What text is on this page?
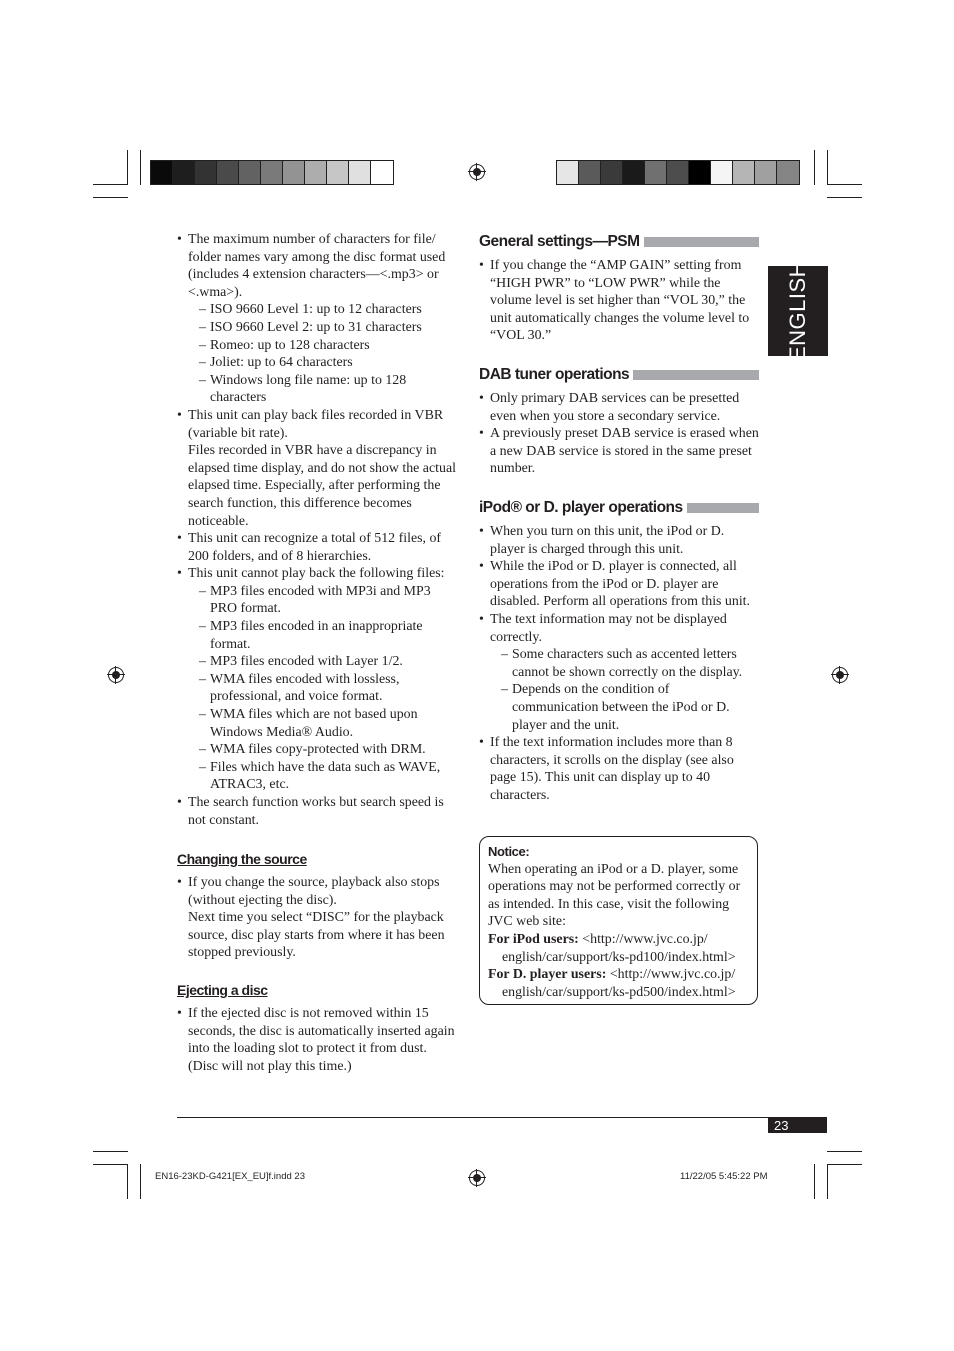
ENGLISH
• The maximum number of characters for file/ folder names vary among the disc format used (includes 4 extension characters—<.mp3> or <.wma>).
– ISO 9660 Level 1: up to 12 characters
– ISO 9660 Level 2: up to 31 characters
– Romeo: up to 128 characters
– Joliet: up to 64 characters
– Windows long file name: up to 128 characters
• This unit can play back files recorded in VBR (variable bit rate).

Files recorded in VBR have a discrepancy in elapsed time display, and do not show the actual elapsed time. Especially, after performing the search function, this difference becomes noticeable.

• This unit can recognize a total of 512 files, of 200 folders, and of 8 hierarchies.
• This unit cannot play back the following files:
– MP3 files encoded with MP3i and MP3 PRO format.
– MP3 files encoded in an inappropriate format.
– MP3 files encoded with Layer 1/2.
– WMA files encoded with lossless, professional, and voice format.
– WMA files which are not based upon Windows Media® Audio.
– WMA files copy-protected with DRM.
– Files which have the data such as WAVE, ATRAC3, etc.
• The search function works but search speed is not constant.
Changing the source
• If you change the source, playback also stops (without ejecting the disc).

Next time you select “DISC” for the playback source, disc play starts from where it has been stopped previously.

Ejecting a disc
• If the ejected disc is not removed within 15 seconds, the disc is automatically inserted again into the loading slot to protect it from dust. (Disc will not play this time.)
General settings—PSM
• If you change the “AMP GAIN” setting from “HIGH PWR” to “LOW PWR” while the volume level is set higher than “VOL 30,” the unit automatically changes the volume level to “VOL 30.”
DAB tuner operations
• Only primary DAB services can be presetted even when you store a secondary service.
• A previously preset DAB service is erased when a new DAB service is stored in the same preset number.
iPod® or D. player operations
• When you turn on this unit, the iPod or D. player is charged through this unit.
• While the iPod or D. player is connected, all operations from the iPod or D. player are disabled. Perform all operations from this unit.
• The text information may not be displayed correctly.
– Some characters such as accented letters cannot be shown correctly on the display.
– Depends on the condition of communication between the iPod or D. player and the unit.
• If the text information includes more than 8 characters, it scrolls on the display (see also page 15). This unit can display up to 40 characters.
Notice:

When operating an iPod or a D. player, some operations may not be performed correctly or as intended. In this case, visit the following JVC web site:

For iPod users: <http://www.jvc.co.jp/
english/car/support/ks-pd100/index.html>
For D. player users: <http://www.jvc.co.jp/
english/car/support/ks-pd500/index.html>
23
EN16-23KD-G421[EX_EU]f.indd 23	11/22/05 5:45:22 PM
